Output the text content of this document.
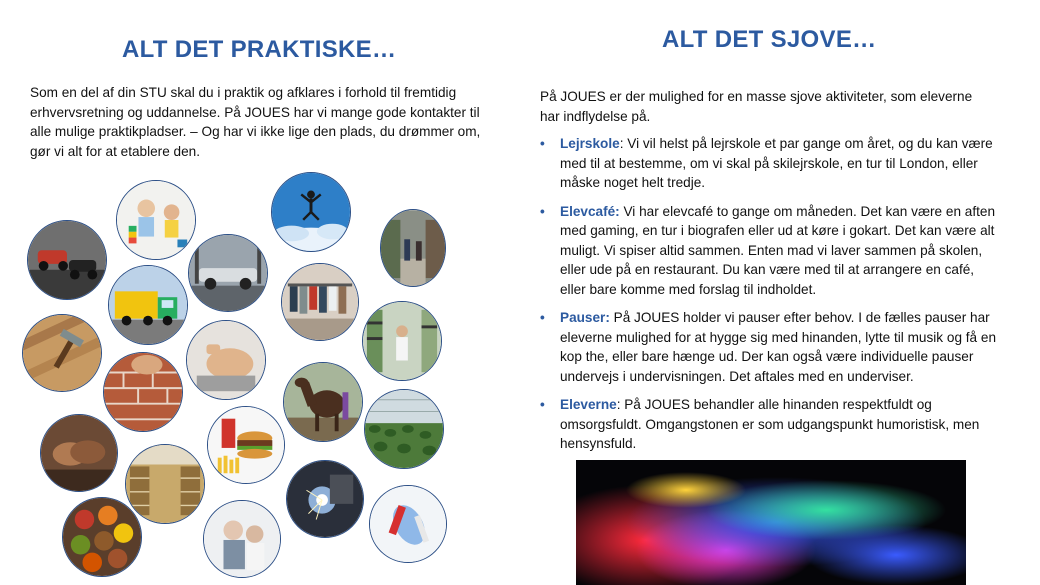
ALT DET PRAKTISKE…

Som en del af din STU skal du i praktik og afklares i forhold til fremtidig erhvervsretning og uddannelse. På JOUES har vi mange gode kontakter til alle mulige praktikpladser. – Og har vi ikke lige den plads, du drømmer om, gør vi alt for at etablere den.

ALT DET SJOVE…

På JOUES er der mulighed for en masse sjove aktiviteter, som eleverne har indflydelse på.

• Lejrskole: Vi vil helst på lejrskole et par gange om året, og du kan være med til at bestemme, om vi skal på skilejrskole, en tur til London, eller måske noget helt tredje.
• Elevcafé: Vi har elevcafé to gange om måneden. Det kan være en aften med gaming, en tur i biografen eller ud at køre i gokart. Det kan være alt muligt. Vi spiser altid sammen. Enten mad vi laver sammen på skolen, eller ude på en restaurant. Du kan være med til at arrangere en café, eller bare komme med forslag til indholdet.
• Pauser: På JOUES holder vi pauser efter behov. I de fælles pauser har eleverne mulighed for at hygge sig med hinanden, lytte til musik og få en kop the, eller bare hænge ud. Der kan også være individuelle pauser undervejs i undervisningen. Det aftales med en underviser.
• Eleverne: På JOUES behandler alle hinanden respektfuldt og omsorgsfuldt. Omgangstonen er som udgangspunkt humoristisk, men hensynsfuld.
